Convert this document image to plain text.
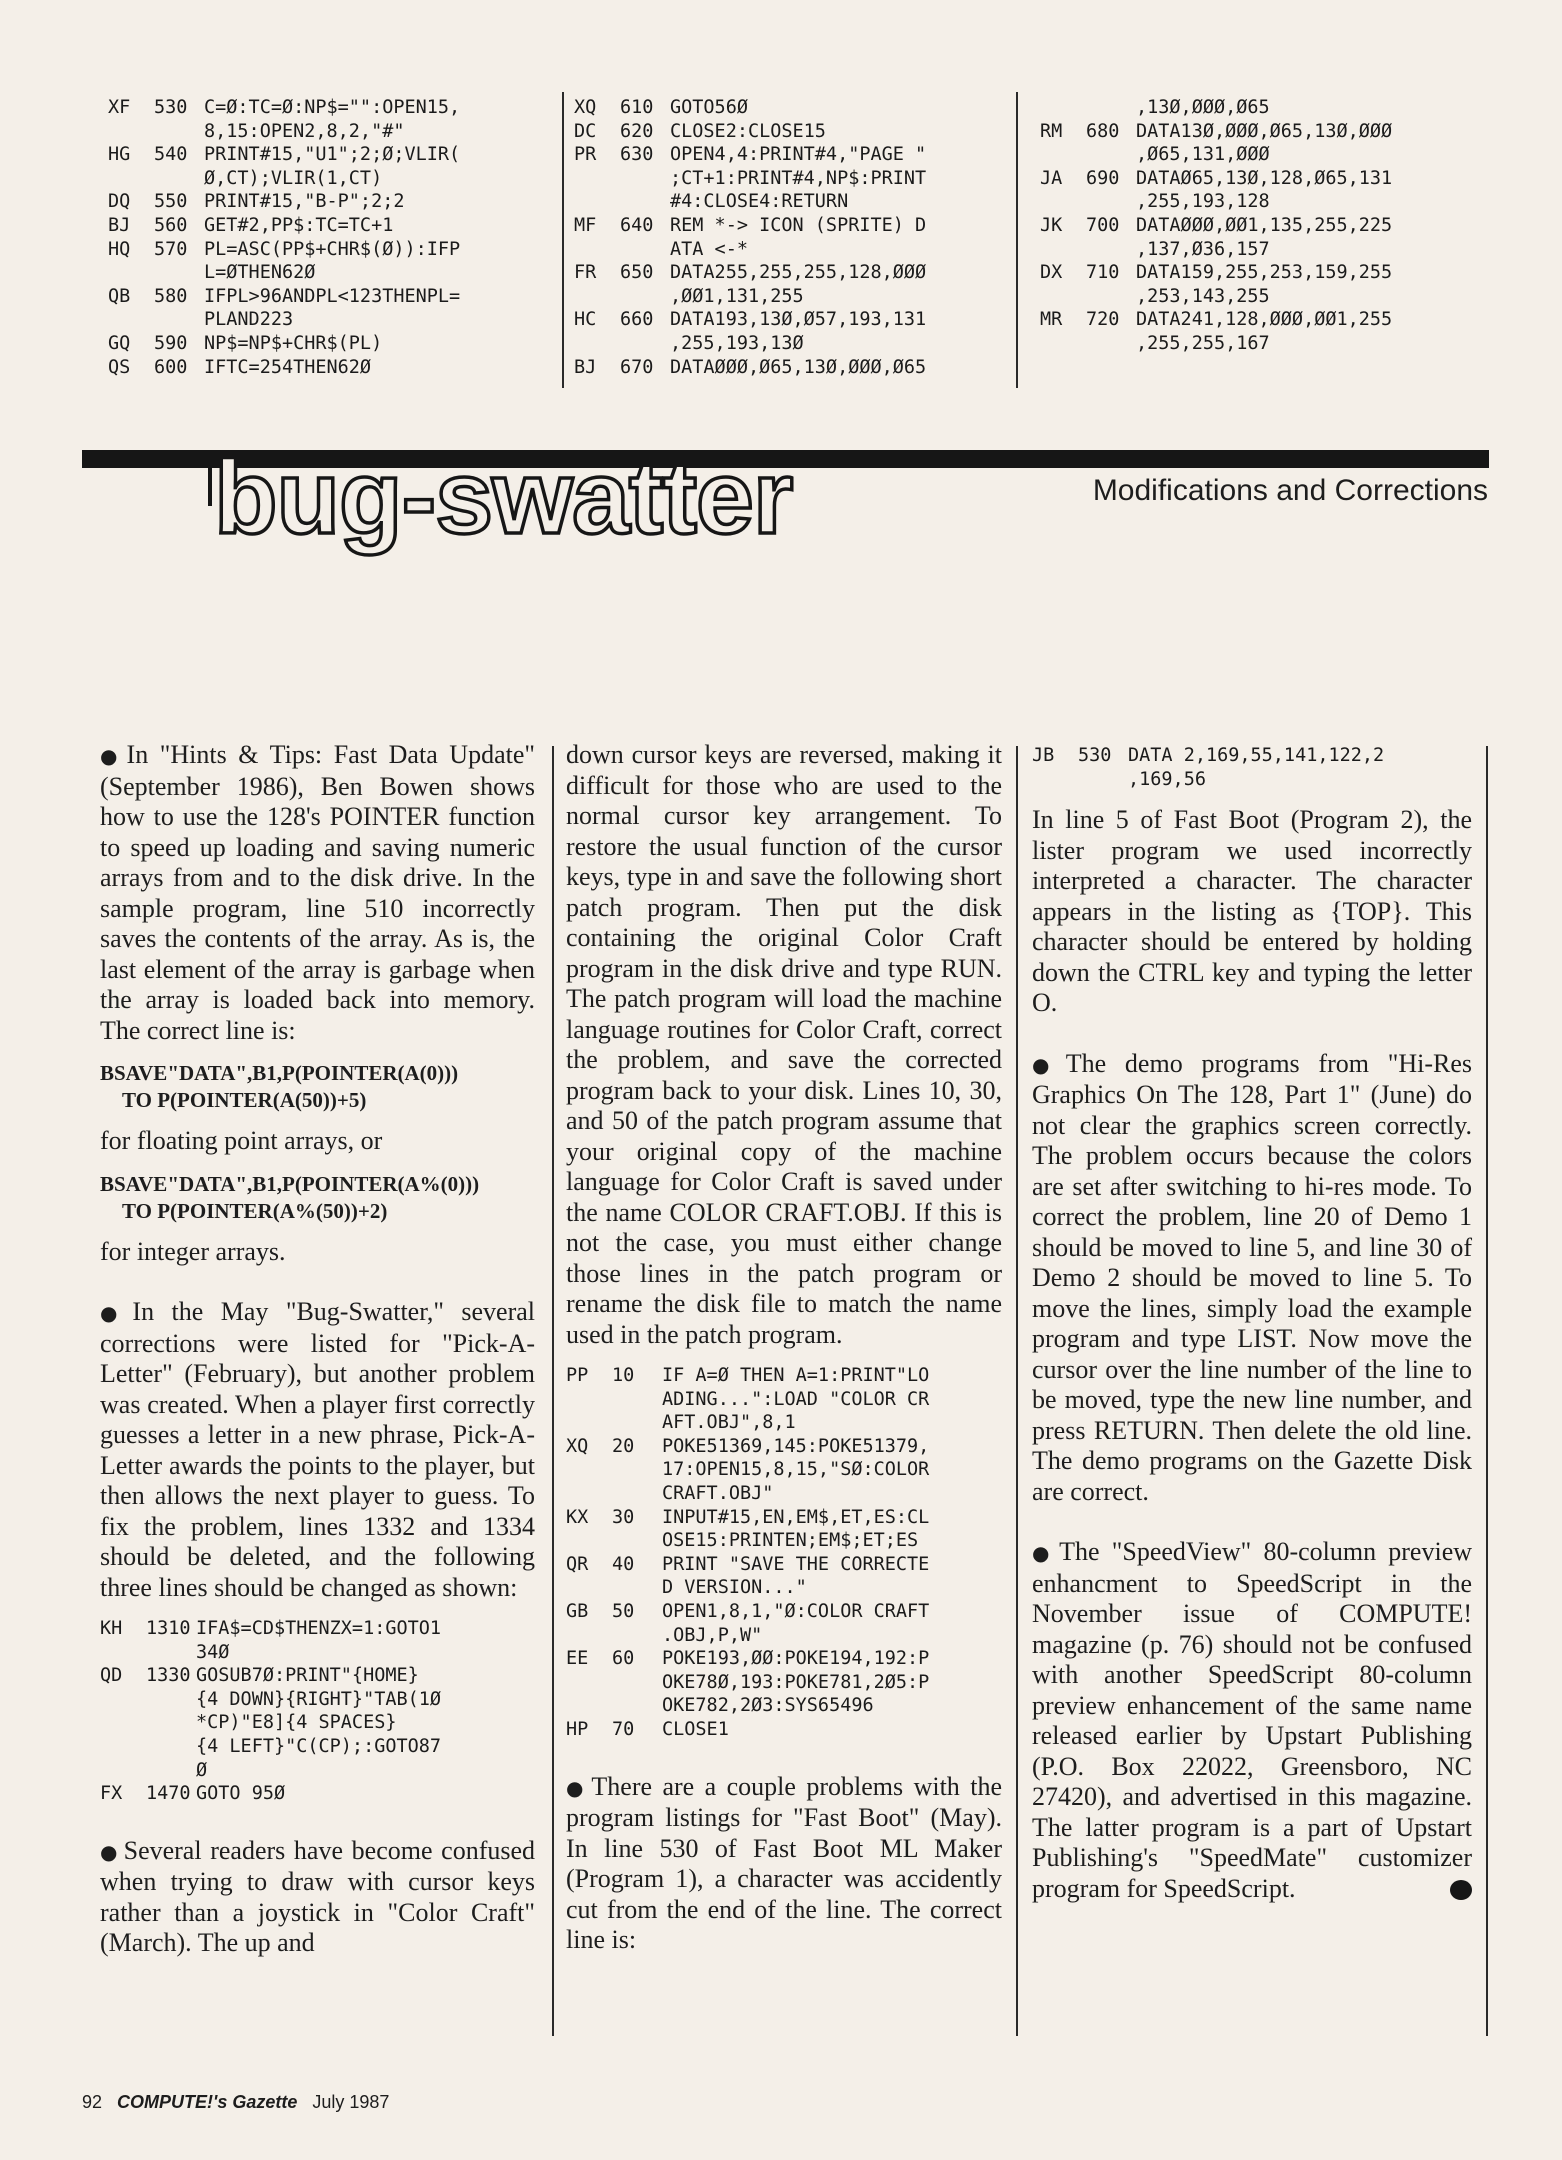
XF	530 C=Ø:TC=Ø:NP$="":OPEN15,
8,15:OPEN2,8,2,"#"
HG	540 PRINT#15,"U1";2;Ø;VLIR(
Ø,CT);VLIR(1,CT)
DQ	550 PRINT#15,"B-P";2;2
BJ	560 GET#2,PP$:TC=TC+1
HQ	570 PL=ASC(PP$+CHR$(Ø)):IFP
L=ØTHEN62Ø
QB	580 IFPL>96ANDPL<123THENPL=
PLAND223
GQ	590 NP$=NP$+CHR$(PL)
QS	600 IFTC=254THEN62Ø
XQ	610 GOTO56Ø
DC	620 CLOSE2:CLOSE15
PR	630 OPEN4,4:PRINT#4,"PAGE "
;CT+1:PRINT#4,NP$:PRINT
#4:CLOSE4:RETURN
MF	640 REM *-> ICON (SPRITE) D
ATA <-*
FR	650 DATA255,255,255,128,ØØØ
,ØØ1,131,255
HC	660 DATA193,13Ø,Ø57,193,131
,255,193,13Ø
BJ	670 DATAØØØ,Ø65,13Ø,ØØØ,Ø65
,13Ø,ØØØ,Ø65
RM	680 DATA13Ø,ØØØ,Ø65,13Ø,ØØØ
,Ø65,131,ØØØ
JA	690 DATAØ65,13Ø,128,Ø65,131
,255,193,128
JK	700 DATAØØØ,ØØ1,135,255,225
,137,Ø36,157
DX	710 DATA159,255,253,159,255
,253,143,255
MR	720 DATA241,128,ØØØ,ØØ1,255
,255,255,167
bug-swatter	Modifications and Corrections

● In "Hints & Tips: Fast Data Update" (September 1986), Ben Bowen shows how to use the 128's POINTER function to speed up loading and saving numeric arrays from and to the disk drive. In the sample program, line 510 incorrectly saves the contents of the array. As is, the last element of the array is garbage when the array is loaded back into memory. The correct line is:

BSAVE"DATA",B1,P(POINTER(A(0)))
TO P(POINTER(A(50))+5)

for floating point arrays, or

BSAVE"DATA",B1,P(POINTER(A%(0)))
TO P(POINTER(A%(50))+2)

for integer arrays.

● In the May "Bug-Swatter," several corrections were listed for "Pick-A-Letter" (February), but another problem was created. When a player first correctly guesses a letter in a new phrase, Pick-A-Letter awards the points to the player, but then allows the next player to guess. To fix the problem, lines 1332 and 1334 should be deleted, and the following three lines should be changed as shown:

KH	1310 IFA$=CD$THENZX=1:GOTO1
34Ø
QD	1330 GOSUB7Ø:PRINT"{HOME}
{4 DOWN}{RIGHT}"TAB(1Ø
*CP)"E8]{4 SPACES}
{4 LEFT}"C(CP);:GOTO87
Ø
FX	1470 GOTO 95Ø

● Several readers have become confused when trying to draw with cursor keys rather than a joystick in "Color Craft" (March). The up and

down cursor keys are reversed, making it difficult for those who are used to the normal cursor key arrangement. To restore the usual function of the cursor keys, type in and save the following short patch program. Then put the disk containing the original Color Craft program in the disk drive and type RUN. The patch program will load the machine language routines for Color Craft, correct the problem, and save the corrected program back to your disk. Lines 10, 30, and 50 of the patch program assume that your original copy of the machine language for Color Craft is saved under the name COLOR CRAFT.OBJ. If this is not the case, you must either change those lines in the patch program or rename the disk file to match the name used in the patch program.

PP	10	IF A=Ø THEN A=1:PRINT"LO
ADING...":LOAD "COLOR CR
AFT.OBJ",8,1
XQ	20	POKE51369,145:POKE51379,
17:OPEN15,8,15,"SØ:COLOR
CRAFT.OBJ"
KX	30	INPUT#15,EN,EM$,ET,ES:CL
OSE15:PRINTEN;EM$;ET;ES
QR	40	PRINT "SAVE THE CORRECTE
D VERSION..."
GB	50	OPEN1,8,1,"Ø:COLOR CRAFT
.OBJ,P,W"
EE	60	POKE193,ØØ:POKE194,192:P
OKE78Ø,193:POKE781,2Ø5:P
OKE782,2Ø3:SYS65496
HP	70	CLOSE1

● There are a couple problems with the program listings for "Fast Boot" (May). In line 530 of Fast Boot ML Maker (Program 1), a character was accidently cut from the end of the line. The correct line is:

JB	530 DATA 2,169,55,141,122,2
,169,56

In line 5 of Fast Boot (Program 2), the lister program we used incorrectly interpreted a character. The character appears in the listing as {TOP}. This character should be entered by holding down the CTRL key and typing the letter O.

● The demo programs from "Hi-Res Graphics On The 128, Part 1" (June) do not clear the graphics screen correctly. The problem occurs because the colors are set after switching to hi-res mode. To correct the problem, line 20 of Demo 1 should be moved to line 5, and line 30 of Demo 2 should be moved to line 5. To move the lines, simply load the example program and type LIST. Now move the cursor over the line number of the line to be moved, type the new line number, and press RETURN. Then delete the old line. The demo programs on the Gazette Disk are correct.

● The "SpeedView" 80-column preview enhancment to SpeedScript in the November issue of COMPUTE! magazine (p. 76) should not be confused with another SpeedScript 80-column preview enhancement of the same name released earlier by Upstart Publishing (P.O. Box 22022, Greensboro, NC 27420), and advertised in this magazine. The latter program is a part of Upstart Publishing's "SpeedMate" customizer program for SpeedScript.

92 COMPUTE!'s Gazette July 1987
